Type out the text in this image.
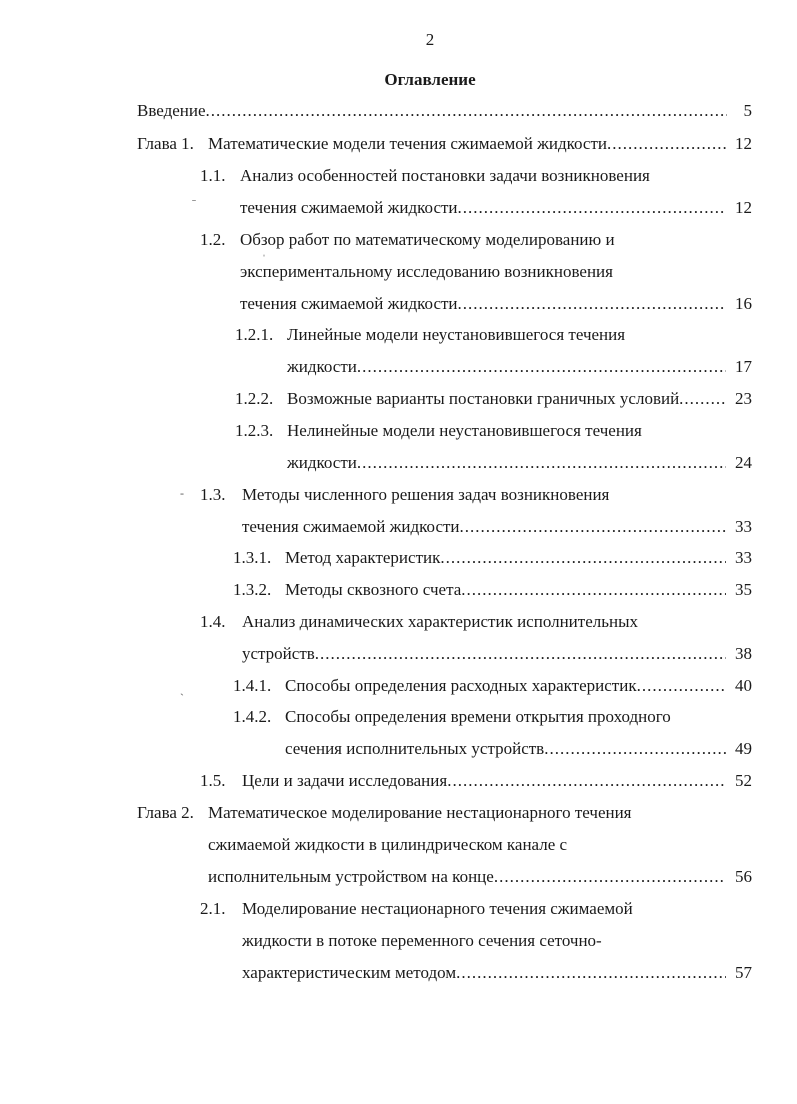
2
Оглавление
Введение .....	5
Глава 1. Математические модели течения сжимаемой жидкости .....	12
1.1. Анализ особенностей постановки задачи возникновения
течения сжимаемой жидкости .....	12
1.2. Обзор работ по математическому моделированию и
экспериментальному исследованию возникновения
течения сжимаемой жидкости .....	16
1.2.1. Линейные модели неустановившегося течения
жидкости .....	17
1.2.2. Возможные варианты постановки граничных условий .....	23
1.2.3. Нелинейные модели неустановившегося течения
жидкости .....	24
1.3. Методы численного решения задач возникновения
течения сжимаемой жидкости .....	33
1.3.1. Метод характеристик .....	33
1.3.2. Методы сквозного счета .....	35
1.4. Анализ динамических характеристик исполнительных
устройств .....	38
1.4.1. Способы определения расходных характеристик .....	40
1.4.2. Способы определения времени открытия проходного
сечения исполнительных устройств .....	49
1.5. Цели и задачи исследования .....	52
Глава 2. Математическое моделирование нестационарного течения
сжимаемой жидкости в цилиндрическом канале с
исполнительным устройством на конце .....	56
2.1. Моделирование нестационарного течения сжимаемой
жидкости в потоке переменного сечения сеточно-
характеристическим методом .....	57
ˉ
ˈ
-
ˏ
